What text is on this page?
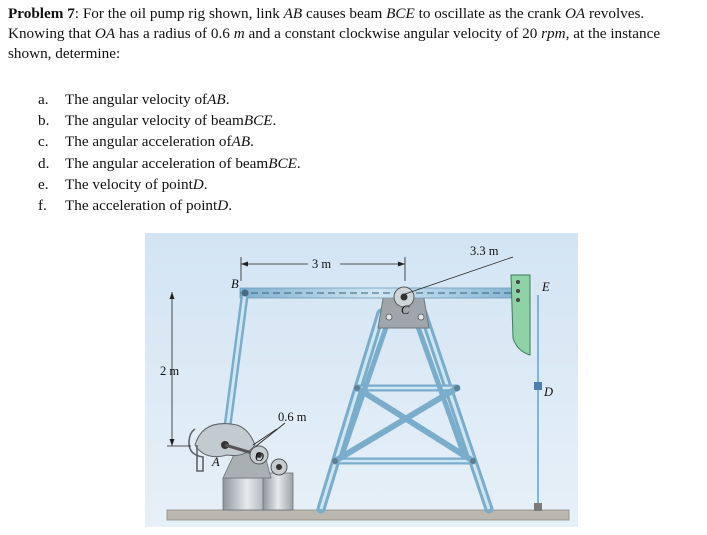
Problem 7: For the oil pump rig shown, link AB causes beam BCE to oscillate as the crank OA revolves. Knowing that OA has a radius of 0.6 m and a constant clockwise angular velocity of 20 rpm, at the instance shown, determine:
a.	The angular velocity of AB .
b.	The angular velocity of beam BCE .
c.	The angular acceleration of AB .
d.	The angular acceleration of beam BCE .
e.	The velocity of point D .
f.	The acceleration of point D .
3 m
3.3 m
2 m
0.6 m
B
C
E
D
A	O
